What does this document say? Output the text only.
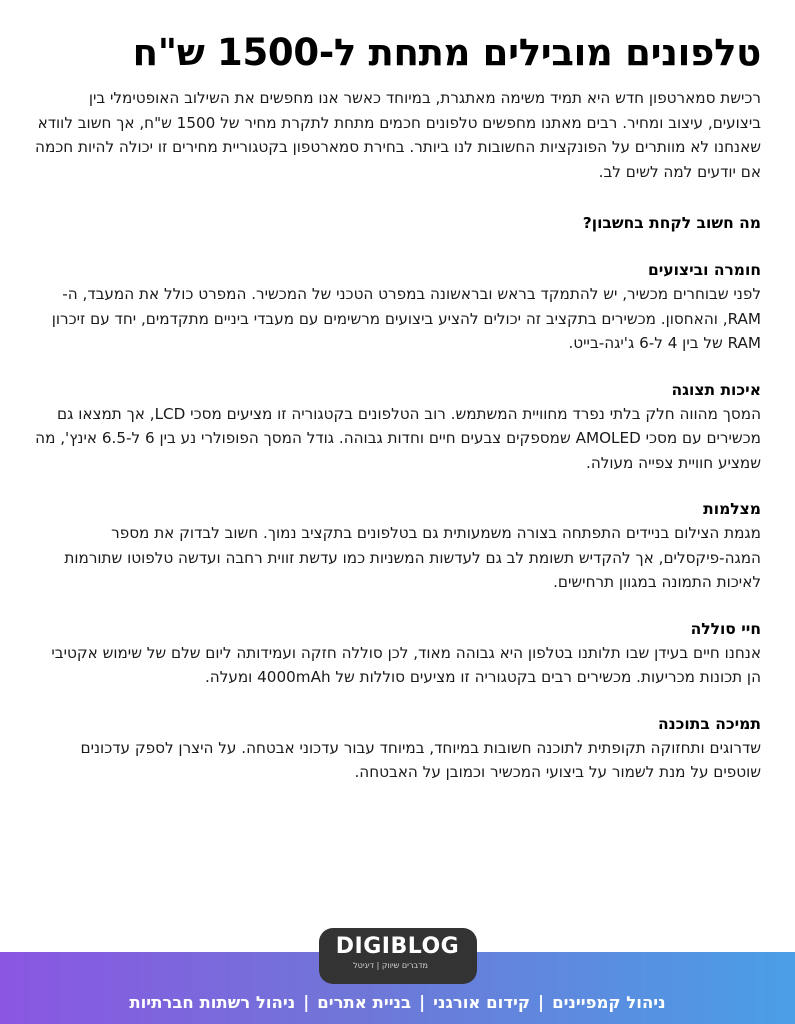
טלפונים מובילים מתחת ל-1500 ש"ח

רכישת סמארטפון חדש היא תמיד משימה מאתגרת, במיוחד כאשר אנו מחפשים את השילוב האופטימלי בין ביצועים, עיצוב ומחיר. רבים מאתנו מחפשים טלפונים חכמים מתחת לתקרת מחיר של 1500 ש"ח, אך חשוב לוודא שאנחנו לא מוותרים על הפונקציות החשובות לנו ביותר. בחירת סמארטפון בקטגוריית מחירים זו יכולה להיות חכמה אם יודעים למה לשים לב.

מה חשוב לקחת בחשבון?
חומרה וביצועים

לפני שבוחרים מכשיר, יש להתמקד בראש ובראשונה במפרט הטכני של המכשיר. המפרט כולל את המעבד, ה- RAM, והאחסון. מכשירים בתקציב זה יכולים להציע ביצועים מרשימים עם מעבדי ביניים מתקדמים, יחד עם זיכרון RAM של בין 4 ל-6 ג'יגה-בייט.

איכות תצוגה

המסך מהווה חלק בלתי נפרד מחוויית המשתמש. רוב הטלפונים בקטגוריה זו מציעים מסכי LCD, אך תמצאו גם מכשירים עם מסכי AMOLED שמספקים צבעים חיים וחדות גבוהה. גודל המסך הפופולרי נע בין 6 ל-6.5 אינץ', מה שמציע חוויית צפייה מעולה.

מצלמות

מגמת הצילום בניידים התפתחה בצורה משמעותית גם בטלפונים בתקציב נמוך. חשוב לבדוק את מספר המגה-פיקסלים, אך להקדיש תשומת לב גם לעדשות המשניות כמו עדשת זווית רחבה ועדשה טלפוטו שתורמות לאיכות התמונה במגוון תרחישים.

חיי סוללה

אנחנו חיים בעידן שבו תלותנו בטלפון היא גבוהה מאוד, לכן סוללה חזקה ועמידותה ליום שלם של שימוש אקטיבי הן תכונות מכריעות. מכשירים רבים בקטגוריה זו מציעים סוללות של 4000mAh ומעלה.

תמיכה בתוכנה

שדרוגים ותחזוקה תקופתית לתוכנה חשובות במיוחד, במיוחד עבור עדכוני אבטחה. על היצרן לספק עדכונים שוטפים על מנת לשמור על ביצועי המכשיר וכמובן על האבטחה.

DIGIBLOG
מדברים שיווק | דיגיטל
ניהול קמפיינים|קידום אורגני|בניית אתרים|ניהול רשתות חברתיות
